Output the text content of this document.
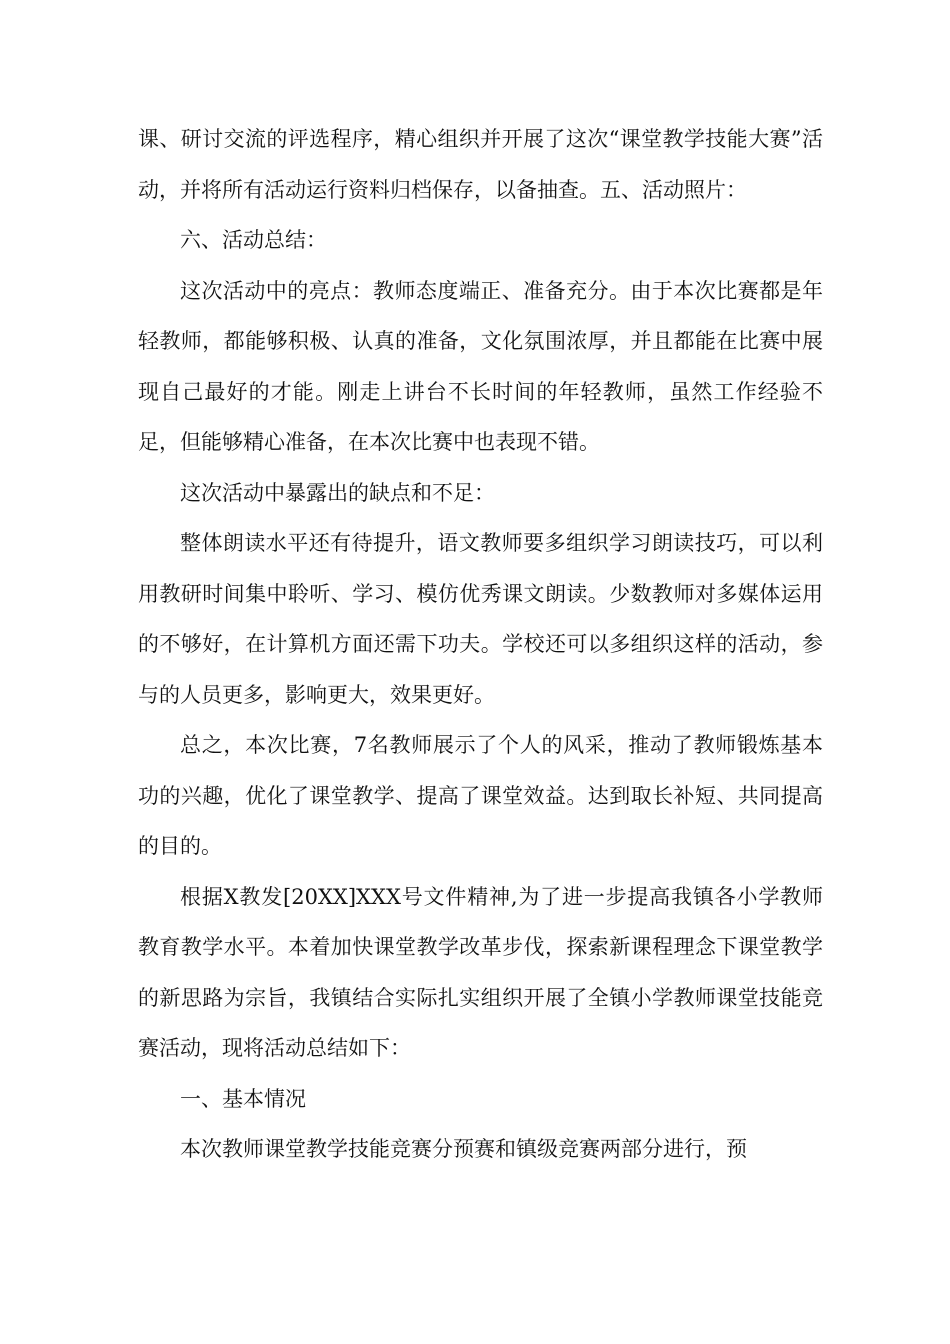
课、研讨交流的评选程序，精心组织并开展了这次“课堂教学技能大赛”活动，并将所有活动运行资料归档保存，以备抽查。五、活动照片：

六、活动总结：

这次活动中的亮点：教师态度端正、准备充分。由于本次比赛都是年轻教师，都能够积极、认真的准备，文化氛围浓厚，并且都能在比赛中展现自己最好的才能。刚走上讲台不长时间的年轻教师，虽然工作经验不足，但能够精心准备，在本次比赛中也表现不错。

这次活动中暴露出的缺点和不足：

整体朗读水平还有待提升，语文教师要多组织学习朗读技巧，可以利用教研时间集中聆听、学习、模仿优秀课文朗读。少数教师对多媒体运用的不够好，在计算机方面还需下功夫。学校还可以多组织这样的活动，参与的人员更多，影响更大，效果更好。

总之，本次比赛，7名教师展示了个人的风采，推动了教师锻炼基本功的兴趣，优化了课堂教学、提高了课堂效益。达到取长补短、共同提高的目的。

根据X教发[20XX]XXX号文件精神,为了进一步提高我镇各小学教师教育教学水平。本着加快课堂教学改革步伐，探索新课程理念下课堂教学的新思路为宗旨，我镇结合实际扎实组织开展了全镇小学教师课堂技能竞赛活动，现将活动总结如下：

一、基本情况

本次教师课堂教学技能竞赛分预赛和镇级竞赛两部分进行，预
